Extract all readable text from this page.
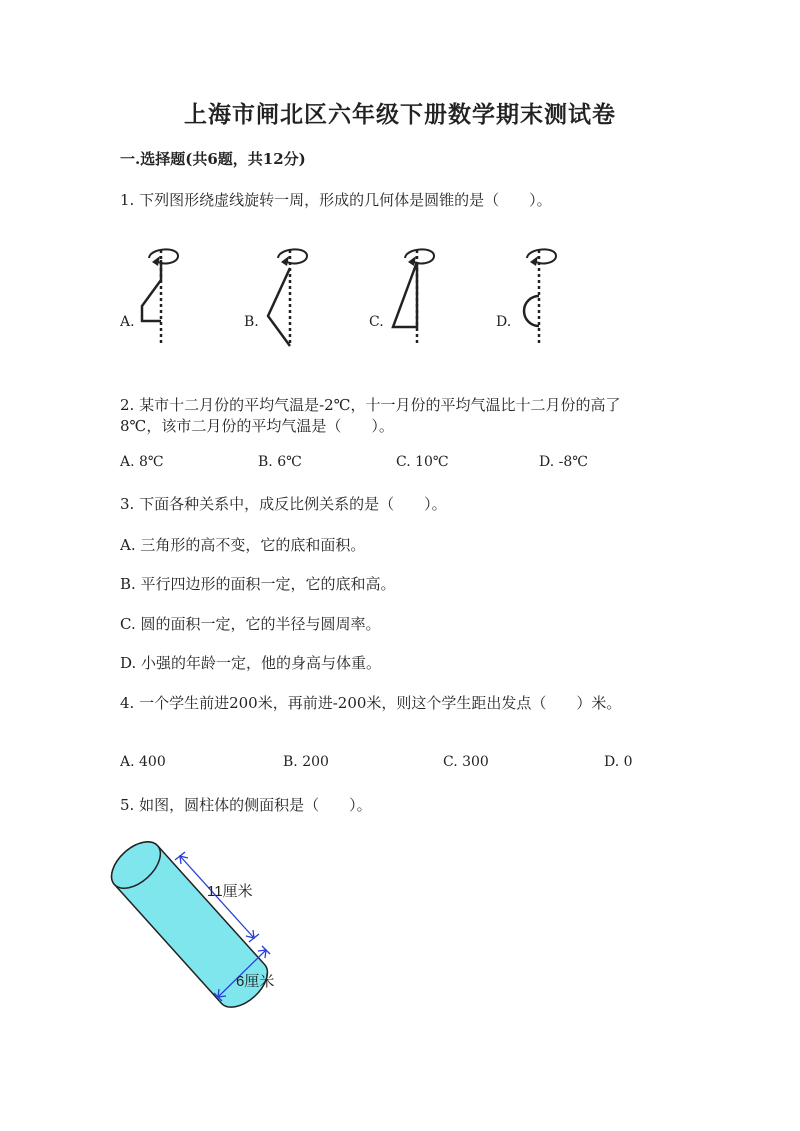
上海市闸北区六年级下册数学期末测试卷
一.选择题(共6题，共12分)
1. 下列图形绕虚线旋转一周，形成的几何体是圆锥的是（　　）。
A.	B.	C.	D.
2. 某市十二月份的平均气温是-2℃，十一月份的平均气温比十二月份的高了
8℃，该市二月份的平均气温是（　　）。
A. 8℃	B. 6℃	C. 10℃	D. -8℃
3. 下面各种关系中，成反比例关系的是（　　）。
A. 三角形的高不变，它的底和面积。
B. 平行四边形的面积一定，它的底和高。
C. 圆的面积一定，它的半径与圆周率。
D. 小强的年龄一定，他的身高与体重。
4. 一个学生前进200米，再前进-200米，则这个学生距出发点（　　）米。
A. 400	B. 200	C. 300	D. 0
5. 如图，圆柱体的侧面积是（　　）。
11厘米
6厘米
